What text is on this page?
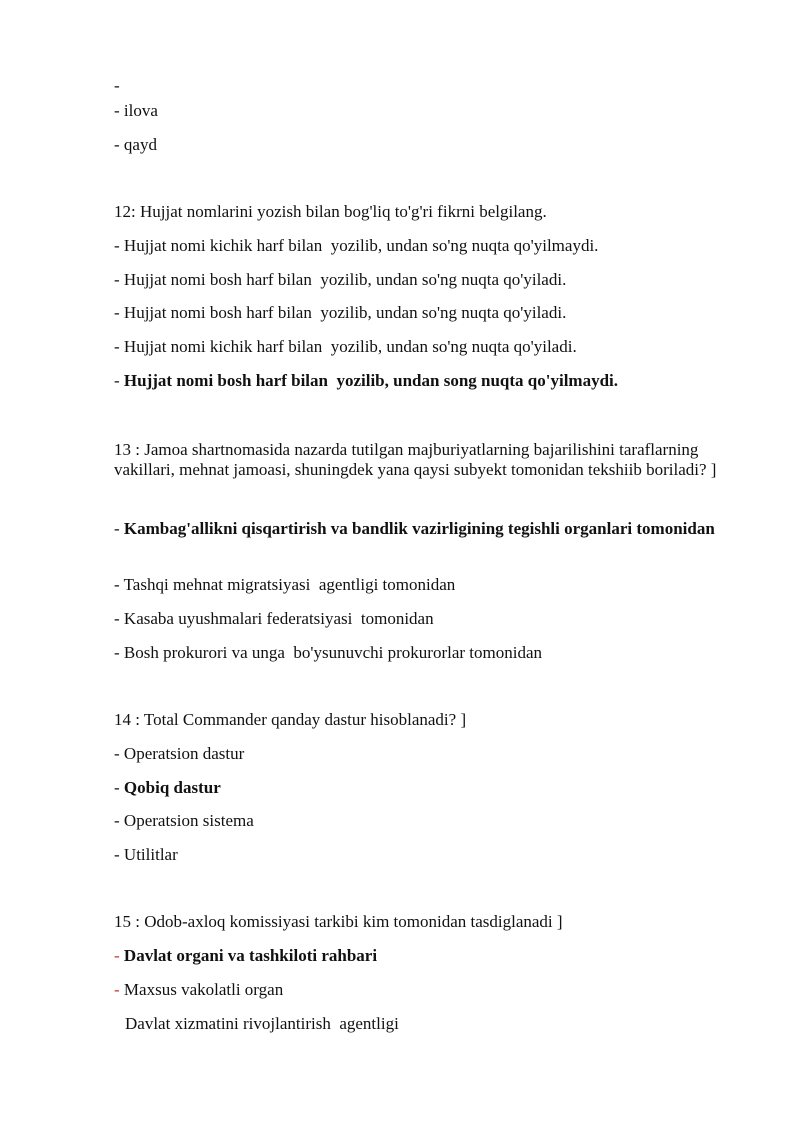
-
- ilova
- qayd
12: Hujjat nomlarini yozish bilan bog'liq to'g'ri fikrni belgilang.
- Hujjat nomi kichik harf bilan  yozilib, undan so'ng nuqta qo'yilmaydi.
- Hujjat nomi bosh harf bilan  yozilib, undan so'ng nuqta qo'yiladi.
- Hujjat nomi bosh harf bilan  yozilib, undan so'ng nuqta qo'yiladi.
- Hujjat nomi kichik harf bilan  yozilib, undan so'ng nuqta qo'yiladi.
- Hujjat nomi bosh harf bilan  yozilib, undan song nuqta qo'yilmaydi.
13 : Jamoa shartnomasida nazarda tutilgan majburiyatlarning bajarilishini taraflarning vakillari, mehnat jamoasi, shuningdek yana qaysi subyekt tomonidan tekshiib boriladi? ]
- Kambag'allikni qisqartirish va bandlik vazirligining tegishli organlari tomonidan
- Tashqi mehnat migratsiyasi  agentligi tomonidan
- Kasaba uyushmalari federatsiyasi  tomonidan
- Bosh prokurori va unga  bo'ysunuvchi prokurorlar tomonidan
14 : Total Commander qanday dastur hisoblanadi? ]
- Operatsion dastur
- Qobiq dastur
- Operatsion sistema
- Utilitlar
15 : Odob-axloq komissiyasi tarkibi kim tomonidan tasdiglanadi ]
- Davlat organi va tashkiloti rahbari
- Maxsus vakolatli organ
Davlat xizmatini rivojlantirish  agentligi
